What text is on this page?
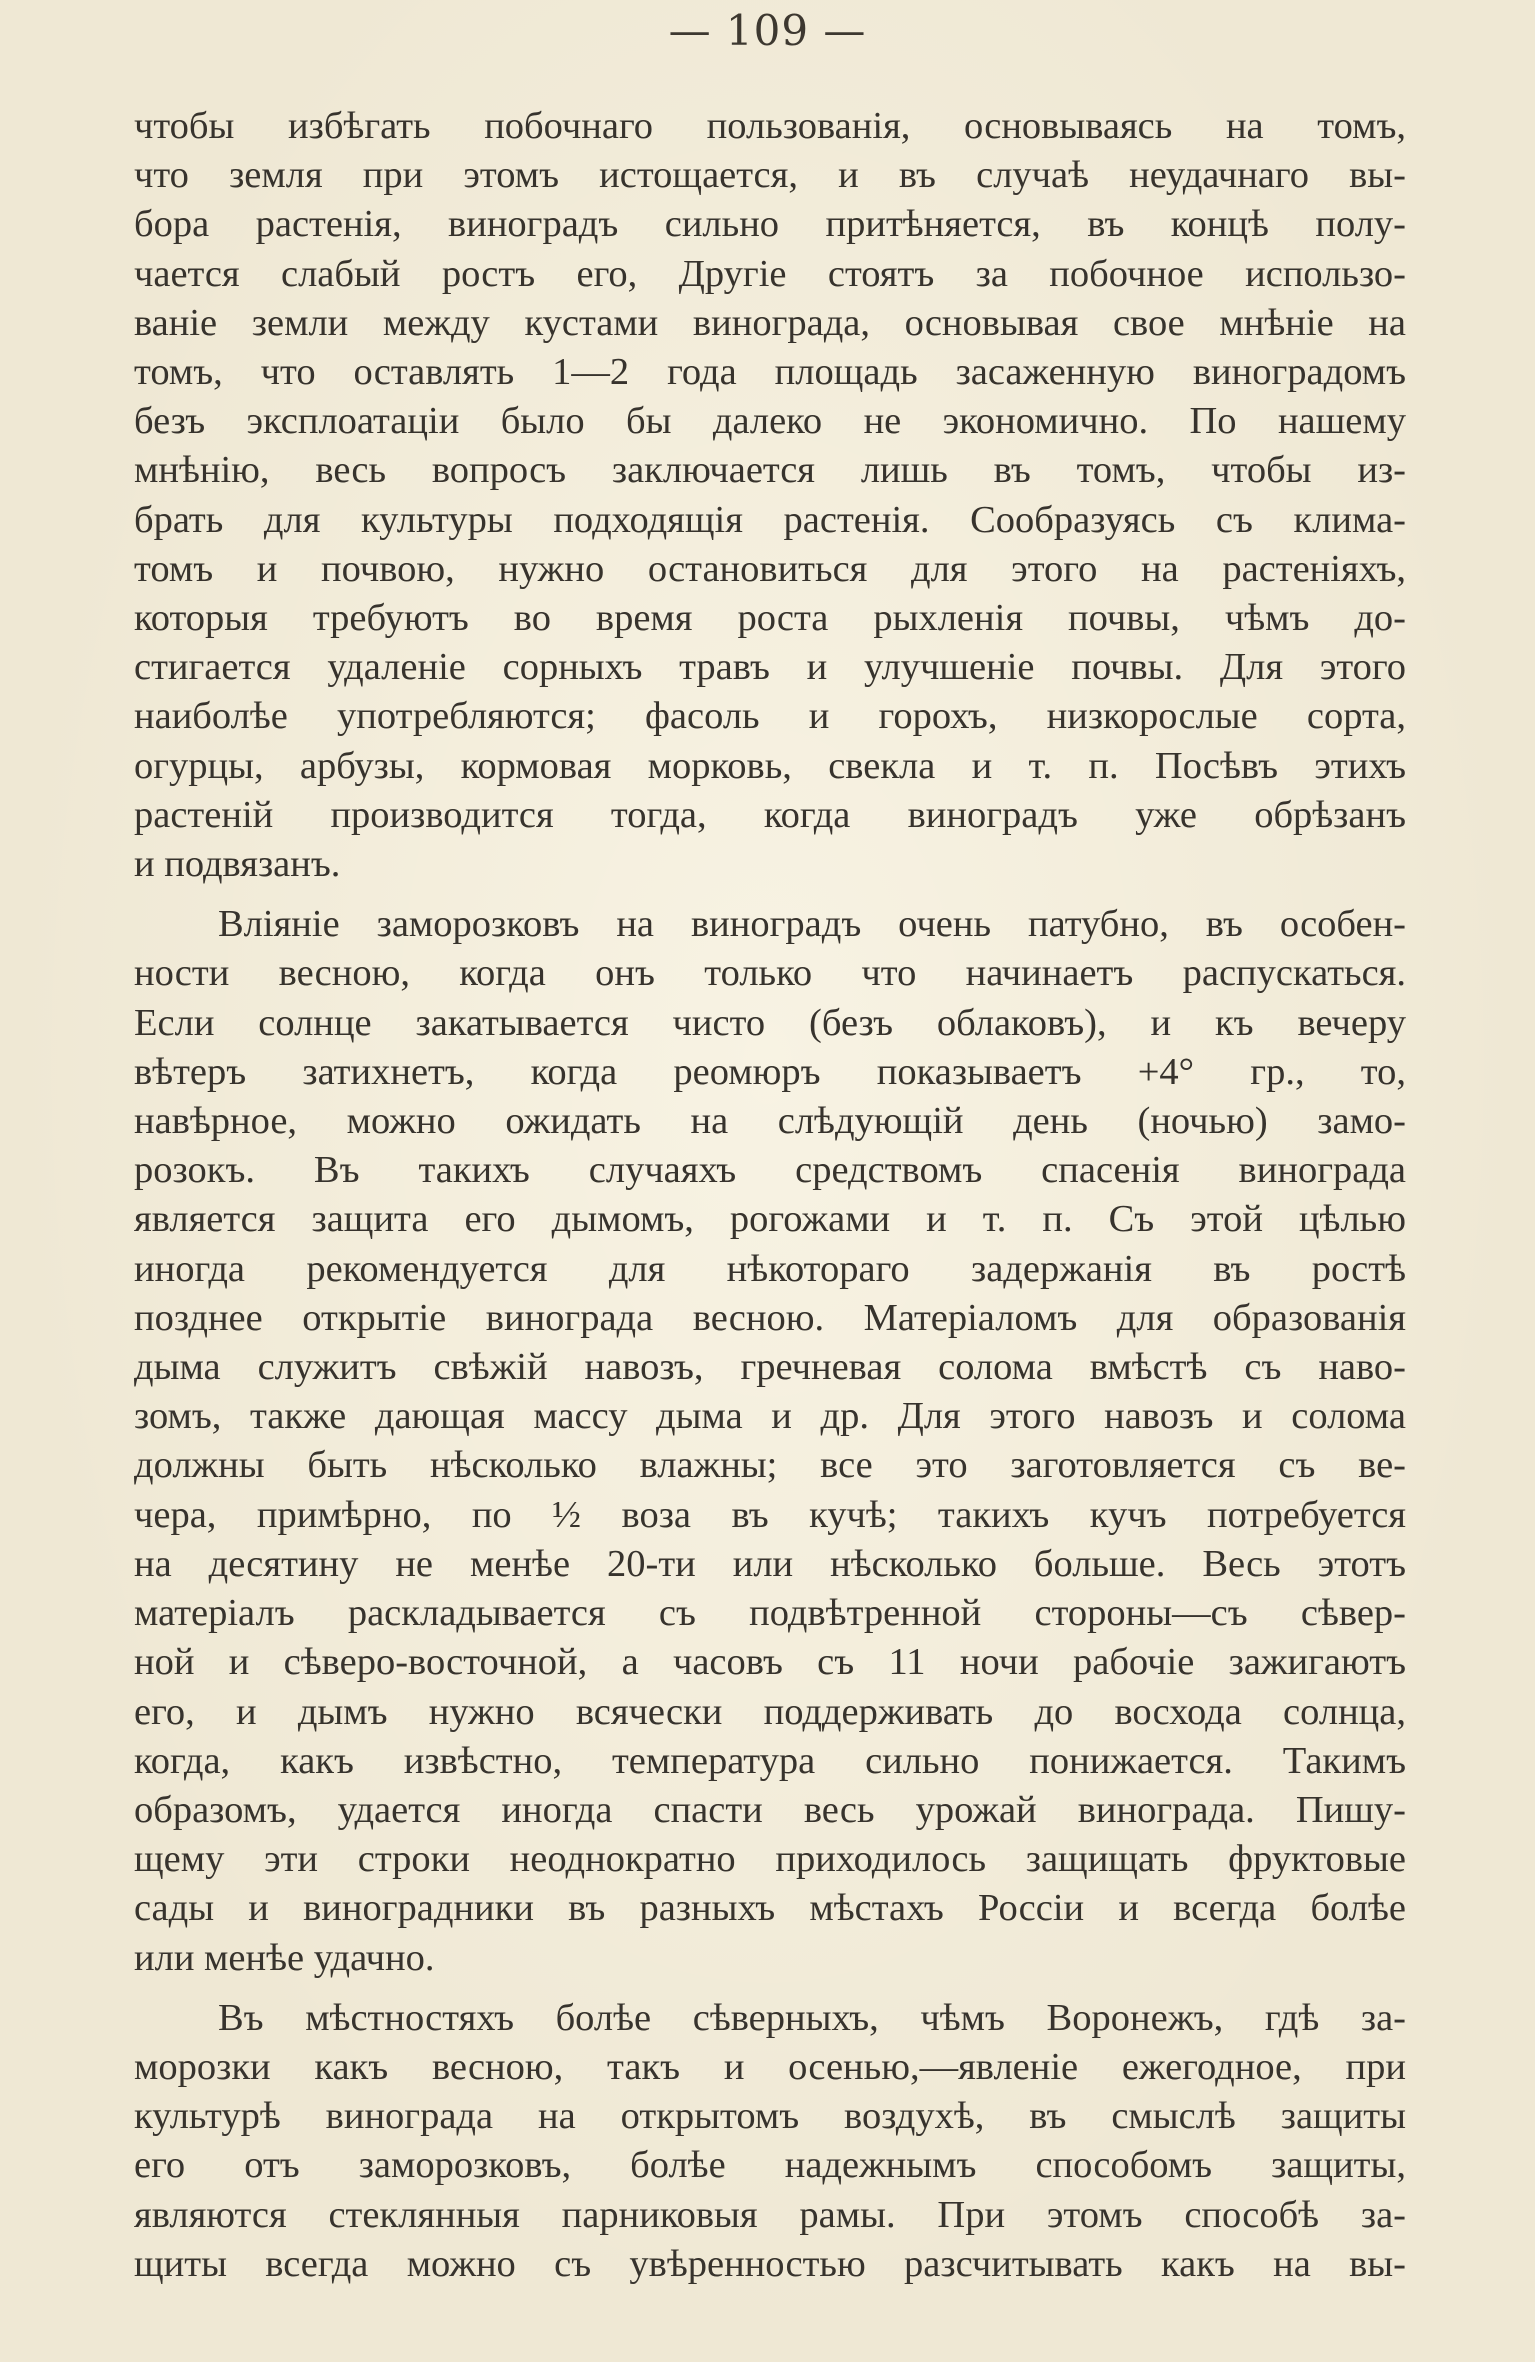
— 109 —
чтобы избѣгать побочнаго пользованія, основываясь на томъ,
что земля при этомъ истощается, и въ случаѣ неудачнаго вы-
бора растенія, виноградъ сильно притѣняется, въ концѣ полу-
чается слабый ростъ его, Другіе стоятъ за побочное использо-
ваніе земли между кустами винограда, основывая свое мнѣніе на
томъ, что оставлять 1—2 года площадь засаженную виноградомъ
безъ эксплоатаціи было бы далеко не экономично. По нашему
мнѣнію, весь вопросъ заключается лишь въ томъ, чтобы из-
брать для культуры подходящія растенія. Сообразуясь съ клима-
томъ и почвою, нужно остановиться для этого на растеніяхъ,
которыя требуютъ во время роста рыхленія почвы, чѣмъ до-
стигается удаленіе сорныхъ травъ и улучшеніе почвы. Для этого
наиболѣе употребляются; фасоль и горохъ, низкорослые сорта,
огурцы, арбузы, кормовая морковь, свекла и т. п. Посѣвъ этихъ
растеній производится тогда, когда виноградъ уже обрѣзанъ
и подвязанъ.
Вліяніе заморозковъ на виноградъ очень патубно, въ особен-
ности весною, когда онъ только что начинаетъ распускаться.
Если солнце закатывается чисто (безъ облаковъ), и къ вечеру
вѣтеръ затихнетъ, когда реомюръ показываетъ +4° гр., то,
навѣрное, можно ожидать на слѣдующій день (ночью) замо-
розокъ. Въ такихъ случаяхъ средствомъ спасенія винограда
является защита его дымомъ, рогожами и т. п. Съ этой цѣлью
иногда рекомендуется для нѣкотораго задержанія въ ростѣ
позднее открытіе винограда весною. Матеріаломъ для образованія
дыма служитъ свѣжій навозъ, гречневая солома вмѣстѣ съ наво-
зомъ, также дающая массу дыма и др. Для этого навозъ и солома
должны быть нѣсколько влажны; все это заготовляется съ ве-
чера, примѣрно, по ½ воза въ кучѣ; такихъ кучъ потребуется
на десятину не менѣе 20-ти или нѣсколько больше. Весь этотъ
матеріалъ раскладывается съ подвѣтренной стороны—съ сѣвер-
ной и сѣверо-восточной, а часовъ съ 11 ночи рабочіе зажигаютъ
его, и дымъ нужно всячески поддерживать до восхода солнца,
когда, какъ извѣстно, температура сильно понижается. Такимъ
образомъ, удается иногда спасти весь урожай винограда. Пишу-
щему эти строки неоднократно приходилось защищать фруктовые
сады и виноградники въ разныхъ мѣстахъ Россіи и всегда болѣе
или менѣе удачно.
Въ мѣстностяхъ болѣе сѣверныхъ, чѣмъ Воронежъ, гдѣ за-
морозки какъ весною, такъ и осенью,—явленіе ежегодное, при
культурѣ винограда на открытомъ воздухѣ, въ смыслѣ защиты
его отъ заморозковъ, болѣе надежнымъ способомъ защиты,
являются стеклянныя парниковыя рамы. При этомъ способѣ за-
щиты всегда можно съ увѣренностью разсчитывать какъ на вы-
